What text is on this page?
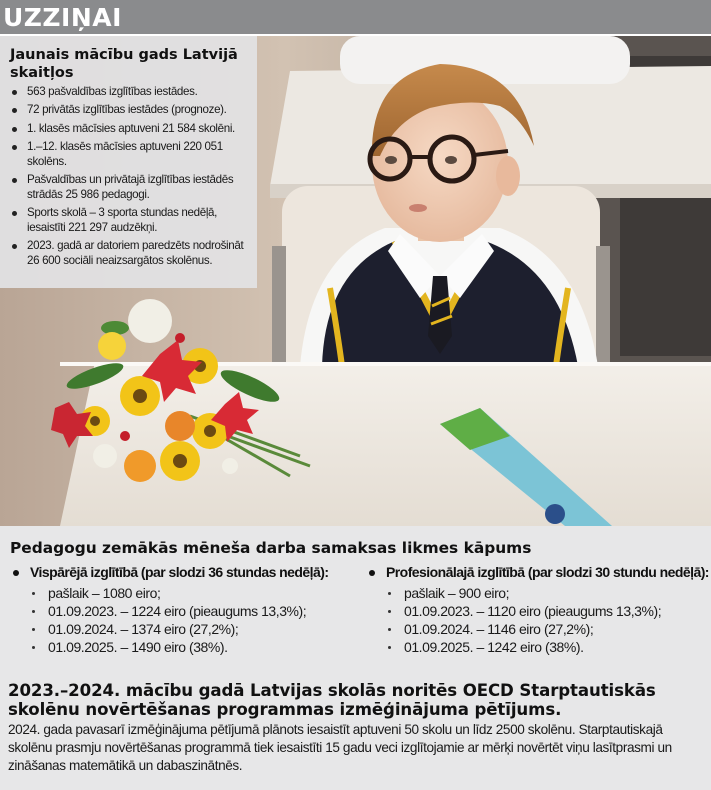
UZZIŅAI
Jaunais mācību gads Latvijā skaitļos
563 pašvaldības izglītības iestādes.
72 privātās izglītības iestādes (prognoze).
1. klasēs mācīsies aptuveni 21 584 skolēni.
1.–12. klasēs mācīsies aptuveni 220 051 skolēns.
Pašvaldības un privātajā izglītības iestādēs strādās 25 986 pedagogi.
Sports skolā – 3 sporta stundas nedēļā, iesaistīti 221 297 audzēkņi.
2023. gadā ar datoriem paredzēts nodrošināt 26 600 sociāli neaizsargātos skolēnus.
Pedagogu zemākās mēneša darba samaksas likmes kāpums
Vispārējā izglītībā (par slodzi 36 stundas nedēļā):
pašlaik – 1080 eiro;
01.09.2023. – 1224 eiro (pieaugums 13,3%);
01.09.2024. – 1374 eiro (27,2%);
01.09.2025. – 1490 eiro (38%).
Profesionālajā izglītībā (par slodzi 30 stundu nedēļā):
pašlaik – 900 eiro;
01.09.2023. – 1120 eiro (pieaugums 13,3%);
01.09.2024. – 1146 eiro (27,2%);
01.09.2025. – 1242 eiro (38%).
2023.–2024. mācību gadā Latvijas skolās noritēs OECD Starptautiskās skolēnu novērtēšanas programmas izmēģinājuma pētījums.

2024. gada pavasarī izmēģinājuma pētījumā plānots iesaistīt aptuveni 50 skolu un līdz 2500 skolēnu. Starptautiskajā skolēnu prasmju novērtēšanas programmā tiek iesaistīti 15 gadu veci izglītojamie ar mērķi novērtēt viņu lasītprasmi un zināšanas matemātikā un dabaszinātnēs.
